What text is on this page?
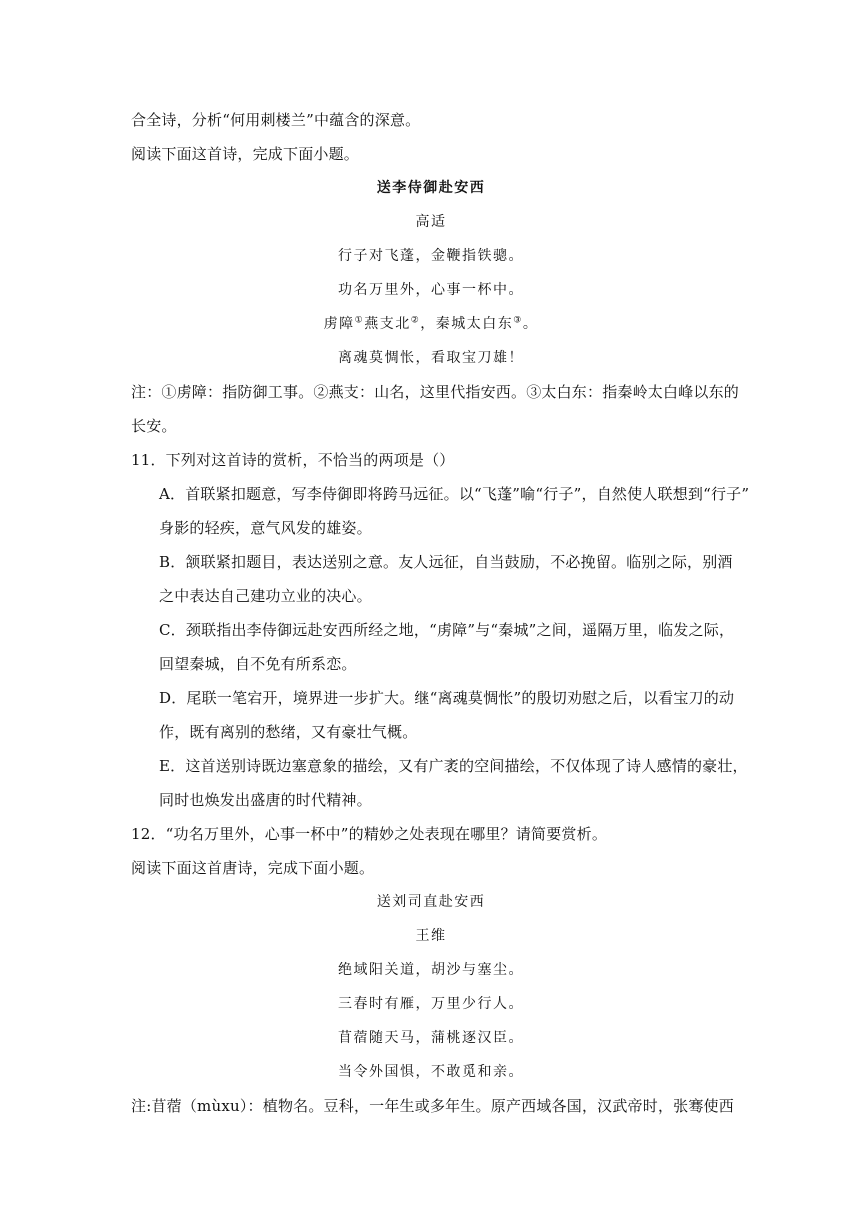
合全诗，分析“何用刺楼兰”中蕴含的深意。
阅读下面这首诗，完成下面小题。
送李侍御赴安西
高适
行子对飞蓬，金鞭指铁骢。
功名万里外，心事一杯中。
虏障①燕支北②，秦城太白东③。
离魂莫惆怅，看取宝刀雄！
注：①虏障：指防御工事。②燕支：山名，这里代指安西。③太白东：指秦岭太白峰以东的
长安。
11．下列对这首诗的赏析，不恰当的两项是（）
A．首联紧扣题意，写李侍御即将跨马远征。以“飞蓬”喻“行子”，自然使人联想到“行子”
身影的轻疾，意气风发的雄姿。
B．颔联紧扣题目，表达送别之意。友人远征，自当鼓励，不必挽留。临别之际，别酒
之中表达自己建功立业的决心。
C．颈联指出李侍御远赴安西所经之地，“虏障”与“秦城”之间，遥隔万里，临发之际，
回望秦城，自不免有所系恋。
D．尾联一笔宕开，境界进一步扩大。继“离魂莫惆怅”的殷切劝慰之后，以看宝刀的动
作，既有离别的愁绪，又有豪壮气概。
E．这首送别诗既边塞意象的描绘，又有广袤的空间描绘，不仅体现了诗人感情的豪壮，
同时也焕发出盛唐的时代精神。
12．“功名万里外，心事一杯中”的精妙之处表现在哪里？请简要赏析。
阅读下面这首唐诗，完成下面小题。
送刘司直赴安西
王维
绝域阳关道，胡沙与塞尘。
三春时有雁，万里少行人。
苜蓿随天马，蒲桃逐汉臣。
当令外国惧，不敢觅和亲。
注:苜蓿（mùxu）：植物名。豆科，一年生或多年生。原产西域各国，汉武帝时，张骞使西
